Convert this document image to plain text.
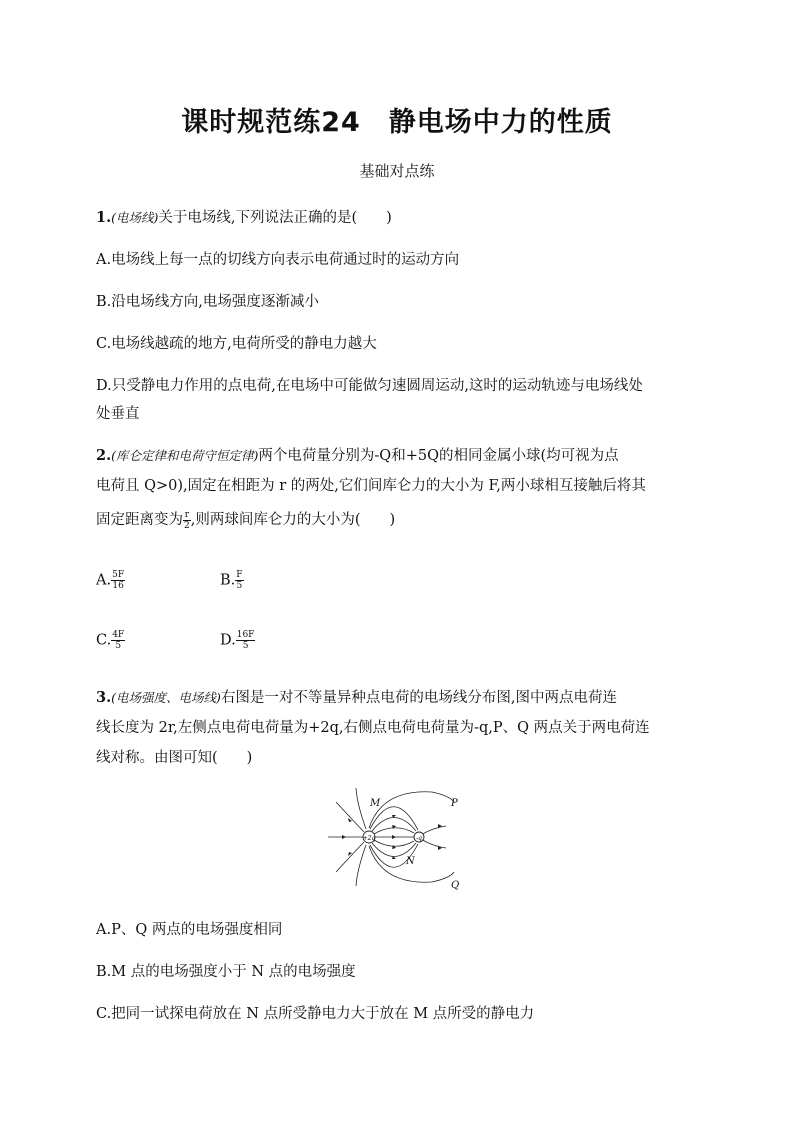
课时规范练24　静电场中力的性质
基础对点练
1.(电场线)关于电场线,下列说法正确的是(　　)
A.电场线上每一点的切线方向表示电荷通过时的运动方向
B.沿电场线方向,电场强度逐渐减小
C.电场线越疏的地方,电荷所受的静电力越大
D.只受静电力作用的点电荷,在电场中可能做匀速圆周运动,这时的运动轨迹与电场线处
处垂直
2.(库仑定律和电荷守恒定律)两个电荷量分别为-Q和+5Q的相同金属小球(均可视为点
电荷且 Q>0),固定在相距为 r 的两处,它们间库仑力的大小为 F,两小球相互接触后将其
固定距离变为 $\frac{r}{2}$ ,则两球间库仑力的大小为(　　)
A. $\frac{5F}{16}$	B. $\frac{F}{5}$
C. $\frac{4F}{5}$	D. $\frac{16F}{5}$
3.(电场强度、电场线)右图是一对不等量异种点电荷的电场线分布图,图中两点电荷连
线长度为 2r,左侧点电荷电荷量为+2q,右侧点电荷电荷量为-q,P、Q 两点关于两电荷连
线对称。由图可知(　　)
+2q	-q
M
N
P
Q
A.P、Q 两点的电场强度相同
B.M 点的电场强度小于 N 点的电场强度
C.把同一试探电荷放在 N 点所受静电力大于放在 M 点所受的静电力
